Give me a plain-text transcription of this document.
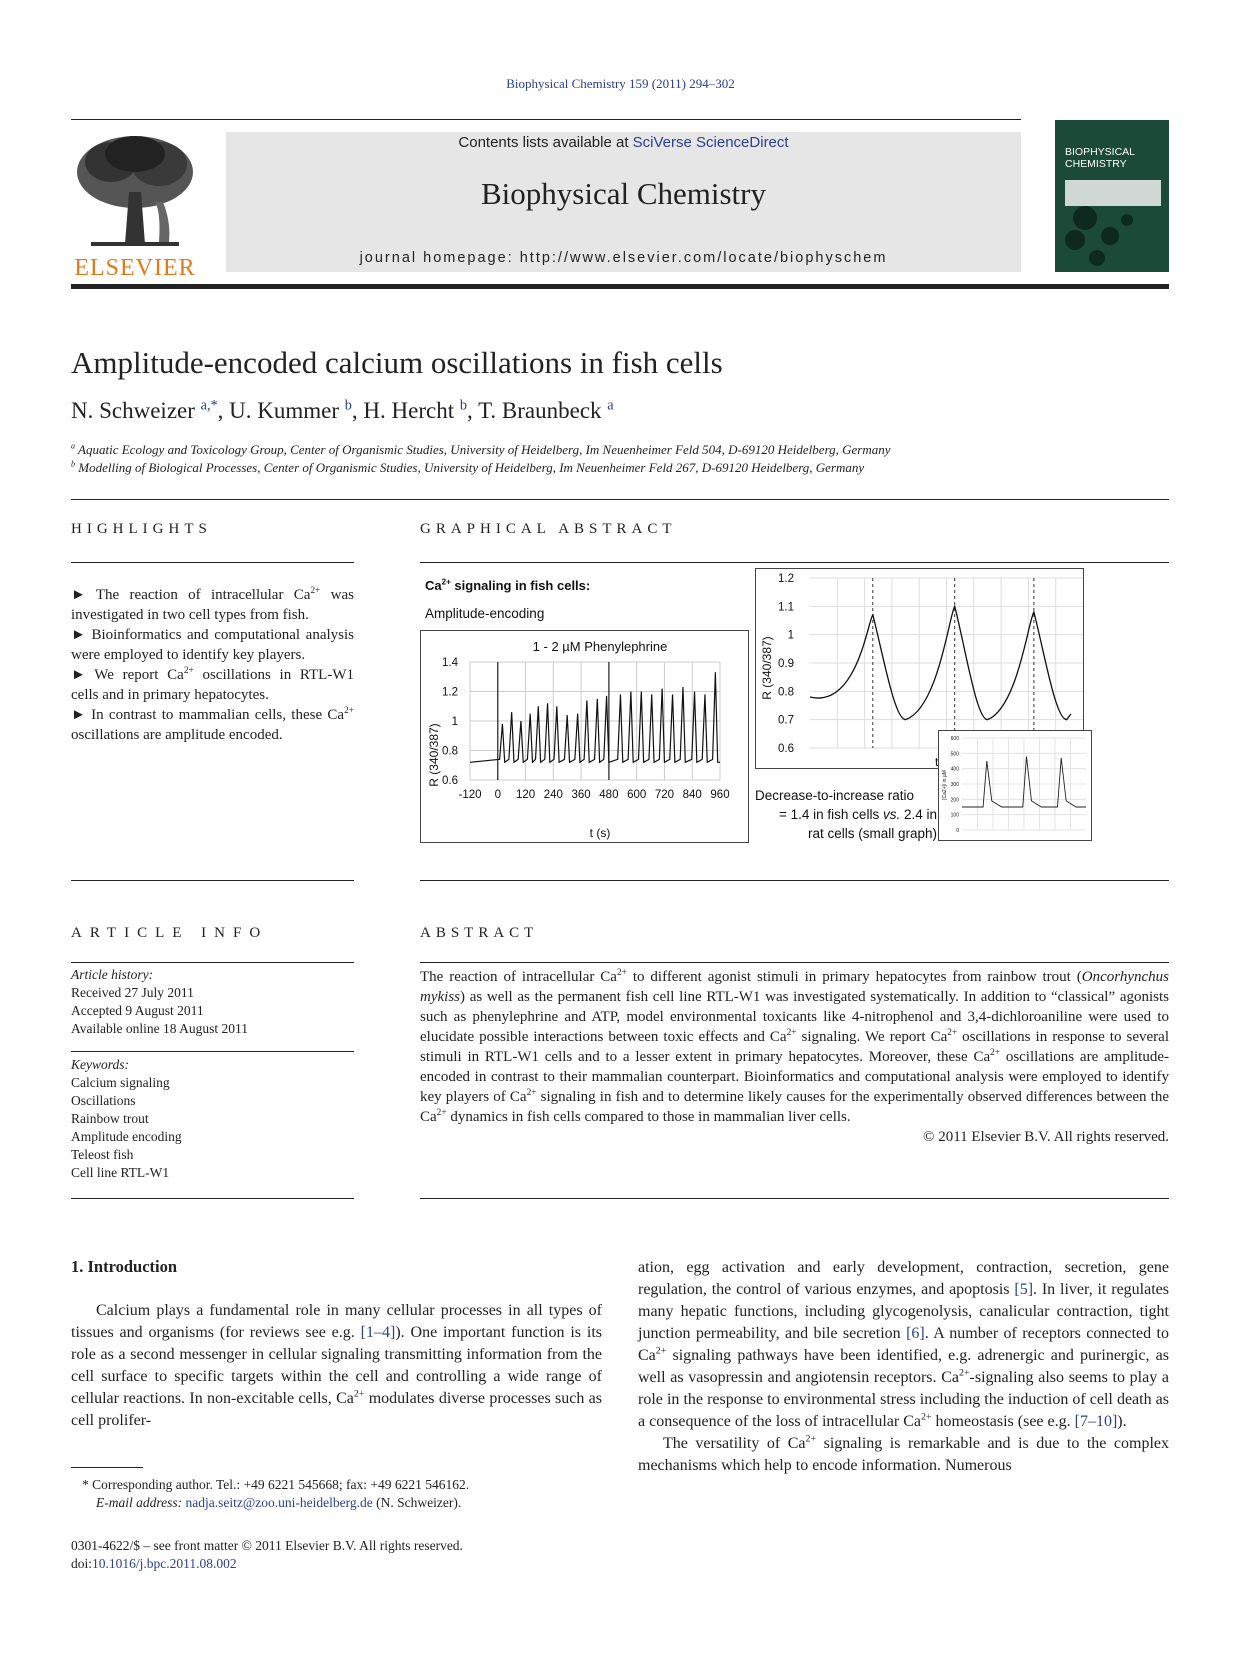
Biophysical Chemistry 159 (2011) 294–302
ELSEVIER
Contents lists available at SciVerse ScienceDirect
Biophysical Chemistry
journal homepage: http://www.elsevier.com/locate/biophyschem
BIOPHYSICAL
CHEMISTRY
Amplitude-encoded calcium oscillations in fish cells
N. Schweizer $^{a,*}$, U. Kummer $^b$, H. Hercht $^b$, T. Braunbeck $^a$
$^a$ Aquatic Ecology and Toxicology Group, Center of Organismic Studies, University of Heidelberg, Im Neuenheimer Feld 504, D-69120 Heidelberg, Germany
$^b$ Modelling of Biological Processes, Center of Organismic Studies, University of Heidelberg, Im Neuenheimer Feld 267, D-69120 Heidelberg, Germany
HIGHLIGHTS
► The reaction of intracellular $Ca^{2+}$ was investigated in two cell types from fish.
► Bioinformatics and computational analysis were employed to identify key players.
► We report $Ca^{2+}$ oscillations in RTL-W1 cells and in primary hepatocytes.
► In contrast to mammalian cells, these $Ca^{2+}$ oscillations are amplitude encoded.
GRAPHICAL ABSTRACT
$Ca^{2+}$ signaling in fish cells:
Amplitude-encoding
1 - 2 µM Phenylephrine
R (340/387)
t (s)
-120 0 120 240 360 480 600 720 840 960
0.6
0.8
1
1.2
1.4	R (340/387)
t
0.6
0.7
0.8
0.9
1
1.1
1.2
[Ca2+]i in µM
0
100
200
300
400
500
600
Decrease-to-increase ratio
= 1.4 in fish cells vs. 2.4 in
rat cells (small graph)
ARTICLE INFO
Article history:
Received 27 July 2011
Accepted 9 August 2011
Available online 18 August 2011
Keywords:
Calcium signaling
Oscillations
Rainbow trout
Amplitude encoding
Teleost fish
Cell line RTL-W1
ABSTRACT
The reaction of intracellular $Ca^{2+}$ to different agonist stimuli in primary hepatocytes from rainbow trout (Oncorhynchus mykiss) as well as the permanent fish cell line RTL-W1 was investigated systematically. In addition to “classical” agonists such as phenylephrine and ATP, model environmental toxicants like 4-nitrophenol and 3,4-dichloroaniline were used to elucidate possible interactions between toxic effects and $Ca^{2+}$ signaling. We report $Ca^{2+}$ oscillations in response to several stimuli in RTL-W1 cells and to a lesser extent in primary hepatocytes. Moreover, these $Ca^{2+}$ oscillations are amplitude-encoded in contrast to their mammalian counterpart. Bioinformatics and computational analysis were employed to identify key players of $Ca^{2+}$ signaling in fish and to determine likely causes for the experimentally observed differences between the $Ca^{2+}$ dynamics in fish cells compared to those in mammalian liver cells.
© 2011 Elsevier B.V. All rights reserved.
1. Introduction
Calcium plays a fundamental role in many cellular processes in all types of tissues and organisms (for reviews see e.g. [1–4]). One important function is its role as a second messenger in cellular signaling transmitting information from the cell surface to specific targets within the cell and controlling a wide range of cellular reactions. In non-excitable cells, $Ca^{2+}$ modulates diverse processes such as cell prolifer-
ation, egg activation and early development, contraction, secretion, gene regulation, the control of various enzymes, and apoptosis [5]. In liver, it regulates many hepatic functions, including glycogenolysis, canalicular contraction, tight junction permeability, and bile secretion [6]. A number of receptors connected to $Ca^{2+}$ signaling pathways have been identified, e.g. adrenergic and purinergic, as well as vasopressin and angiotensin receptors. $Ca^{2+}$-signaling also seems to play a role in the response to environmental stress including the induction of cell death as a consequence of the loss of intracellular $Ca^{2+}$ homeostasis (see e.g. [7–10]).
The versatility of $Ca^{2+}$ signaling is remarkable and is due to the complex mechanisms which help to encode information. Numerous
* Corresponding author. Tel.: +49 6221 545668; fax: +49 6221 546162.
E-mail address: nadja.seitz@zoo.uni-heidelberg.de (N. Schweizer).
0301-4622/$ – see front matter © 2011 Elsevier B.V. All rights reserved.
doi:10.1016/j.bpc.2011.08.002
